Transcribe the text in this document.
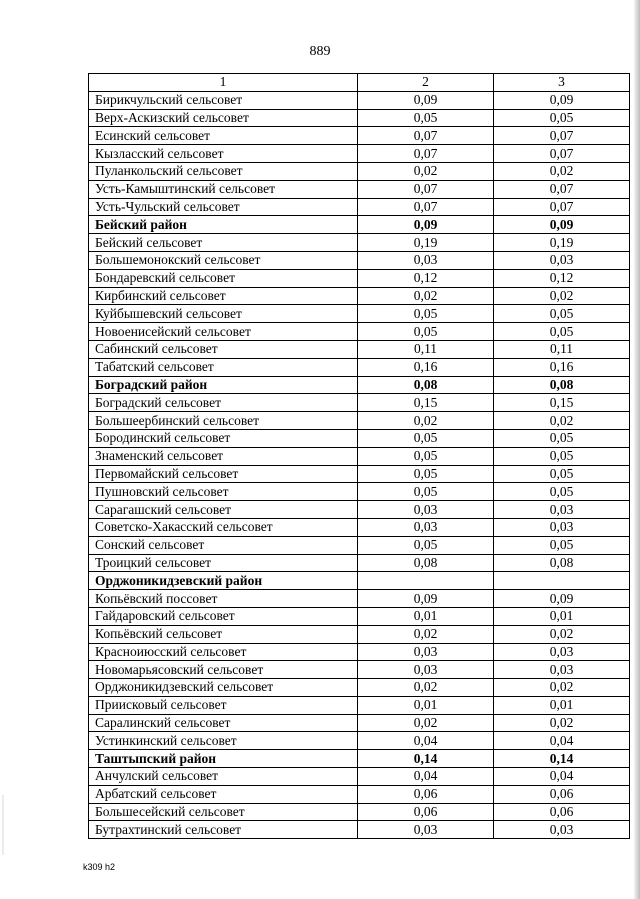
889
1	2	3
Бирикчульский сельсовет	0,09	0,09
Верх-Аскизский сельсовет	0,05	0,05
Есинский сельсовет	0,07	0,07
Кызласский сельсовет	0,07	0,07
Пуланкольский сельсовет	0,02	0,02
Усть-Камыштинский сельсовет	0,07	0,07
Усть-Чульский сельсовет	0,07	0,07
Бейский район	0,09	0,09
Бейский сельсовет	0,19	0,19
Большемонокский сельсовет	0,03	0,03
Бондаревский сельсовет	0,12	0,12
Кирбинский сельсовет	0,02	0,02
Куйбышевский сельсовет	0,05	0,05
Новоенисейский сельсовет	0,05	0,05
Сабинский сельсовет	0,11	0,11
Табатский сельсовет	0,16	0,16
Боградский район	0,08	0,08
Боградский сельсовет	0,15	0,15
Большеербинский сельсовет	0,02	0,02
Бородинский сельсовет	0,05	0,05
Знаменский сельсовет	0,05	0,05
Первомайский сельсовет	0,05	0,05
Пушновский сельсовет	0,05	0,05
Сарагашский сельсовет	0,03	0,03
Советско-Хакасский сельсовет	0,03	0,03
Сонский сельсовет	0,05	0,05
Троицкий сельсовет	0,08	0,08
Орджоникидзевский район		
Копьёвский поссовет	0,09	0,09
Гайдаровский сельсовет	0,01	0,01
Копьёвский сельсовет	0,02	0,02
Красноиюсский сельсовет	0,03	0,03
Новомарьясовский сельсовет	0,03	0,03
Орджоникидзевский сельсовет	0,02	0,02
Приисковый сельсовет	0,01	0,01
Саралинский сельсовет	0,02	0,02
Устинкинский сельсовет	0,04	0,04
Таштыпский район	0,14	0,14
Анчулский сельсовет	0,04	0,04
Арбатский сельсовет	0,06	0,06
Большесейский сельсовет	0,06	0,06
Бутрахтинский сельсовет	0,03	0,03
k309 h2
